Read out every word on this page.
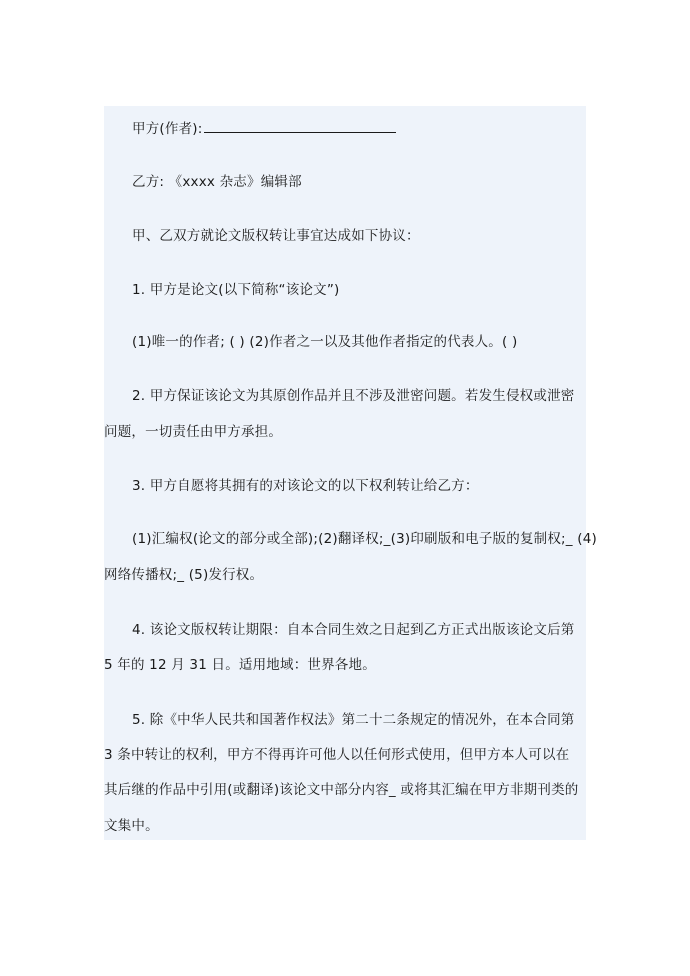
甲方(作者):
乙方: 《xxxx 杂志》编辑部
甲、乙双方就论文版权转让事宜达成如下协议：
1. 甲方是论文(以下简称“该论文”)
(1)唯一的作者; ( ) (2)作者之一以及其他作者指定的代表人。( )
2. 甲方保证该论文为其原创作品并且不涉及泄密问题。若发生侵权或泄密
问题，一切责任由甲方承担。
3. 甲方自愿将其拥有的对该论文的以下权利转让给乙方：
(1)汇编权(论文的部分或全部);(2)翻译权;_(3)印刷版和电子版的复制权;_ (4)
网络传播权;_ (5)发行权。
4. 该论文版权转让期限：自本合同生效之日起到乙方正式出版该论文后第
5 年的 12 月 31 日。适用地域：世界各地。
5. 除《中华人民共和国著作权法》第二十二条规定的情况外，在本合同第
3 条中转让的权利，甲方不得再许可他人以任何形式使用，但甲方本人可以在
其后继的作品中引用(或翻译)该论文中部分内容_ 或将其汇编在甲方非期刊类的
文集中。
